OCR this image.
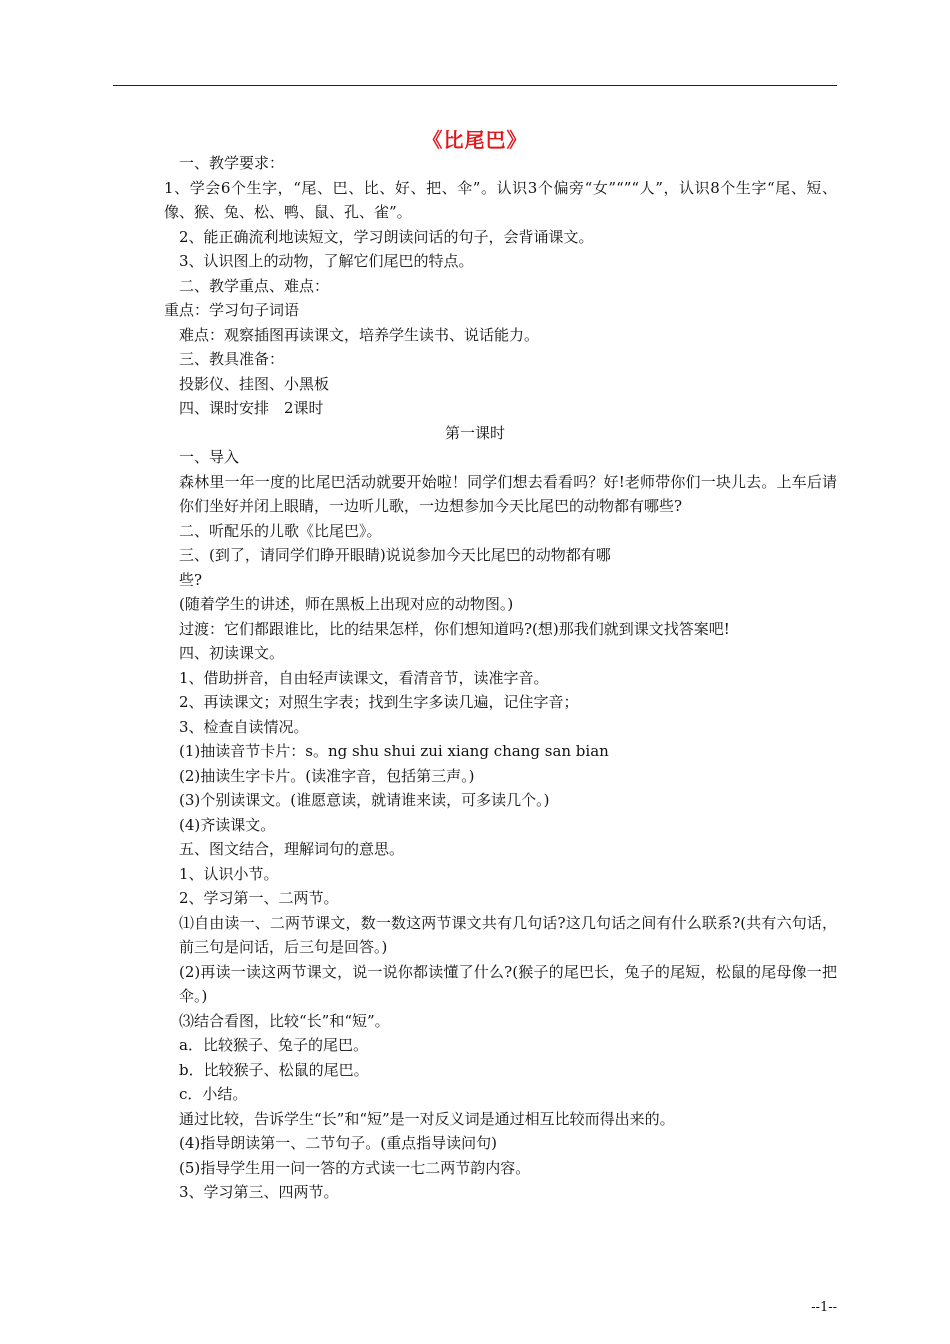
《比尾巴》
一、教学要求：
1、学会6个生字，“尾、巴、比、好、把、伞”。认识3个偏旁“女”“”“人”，认识8个生字“尾、短、像、猴、兔、松、鸭、鼠、孔、雀”。
2、能正确流利地读短文，学习朗读问话的句子，会背诵课文。
3、认识图上的动物，了解它们尾巴的特点。
二、教学重点、难点：
重点：学习句子词语
难点：观察插图再读课文，培养学生读书、说话能力。
三、教具准备：
投影仪、挂图、小黑板
四、课时安排　2课时
第一课时
一、导入
森林里一年一度的比尾巴活动就要开始啦！同学们想去看看吗？好!老师带你们一块儿去。上车后请你们坐好并闭上眼睛，一边听儿歌，一边想参加今天比尾巴的动物都有哪些?
二、听配乐的儿歌《比尾巴》。
三、(到了，请同学们睁开眼睛)说说参加今天比尾巴的动物都有哪
些?
(随着学生的讲述，师在黑板上出现对应的动物图。)
过渡：它们都跟谁比，比的结果怎样，你们想知道吗?(想)那我们就到课文找答案吧!
四、初读课文。
1、借助拼音，自由轻声读课文，看清音节，读准字音。
2、再读课文；对照生字表；找到生字多读几遍，记住字音；
3、检查自读情况。
(1)抽读音节卡片：s。ng shu shui zui xiang chang san bian
(2)抽读生字卡片。(读准字音，包括第三声。)
(3)个别读课文。(谁愿意读，就请谁来读，可多读几个。)
(4)齐读课文。
五、图文结合，理解词句的意思。
1、认识小节。
2、学习第一、二两节。
⑴自由读一、二两节课文，数一数这两节课文共有几句话?这几句话之间有什么联系?(共有六句话，前三句是问话，后三句是回答。)
(2)再读一读这两节课文，说一说你都读懂了什么?(猴子的尾巴长，兔子的尾短，松鼠的尾母像一把伞。)
⑶结合看图，比较“长”和“短”。
a．比较猴子、兔子的尾巴。
b．比较猴子、松鼠的尾巴。
c．小结。
通过比较，告诉学生“长”和“短”是一对反义词是通过相互比较而得出来的。
(4)指导朗读第一、二节句子。(重点指导读问句)
(5)指导学生用一问一答的方式读一七二两节韵内容。
3、学习第三、四两节。
--1--
